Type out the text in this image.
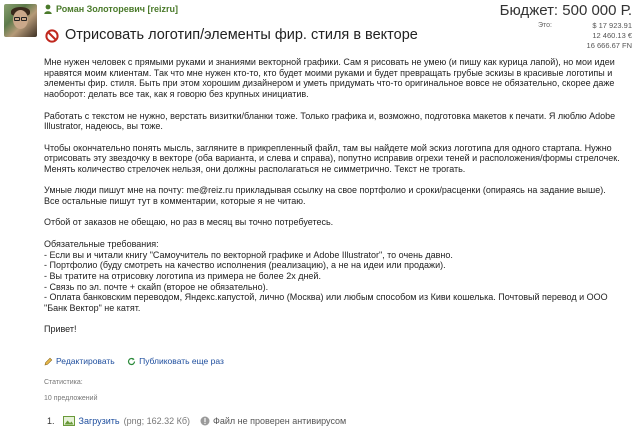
Роман Золоторевич [reizru]	Бюджет: 500 000 Р.
Это:	$ 17 923.91
12 460.13 €
16 666.67 FN
Отрисовать логотип/элементы фир. стиля в векторе

Мне нужен человек с прямыми руками и знаниями векторной графики. Сам я рисовать не умею (и пишу как курица лапой), но мои идеи нравятся моим клиентам. Так что мне нужен кто-то, кто будет моими руками и будет превращать грубые эскизы в красивые логотипы и элементы фир. стиля. Быть при этом хорошим дизайнером и уметь придумать что-то оригинальное вовсе не обязательно, скорее даже наоборот: делать все так, как я говорю без крупных инициатив.

Работать с текстом не нужно, верстать визитки/бланки тоже. Только графика и, возможно, подготовка макетов к печати. Я люблю Adobe Illustrator, надеюсь, вы тоже.

Чтобы окончательно понять мысль, загляните в прикрепленный файл, там вы найдете мой эскиз логотипа для одного стартапа. Нужно отрисовать эту звездочку в векторе (оба варианта, и слева и справа), попутно исправив огрехи теней и расположения/формы стрелочек. Менять количество стрелочек нельзя, они должны располагаться не симметрично. Текст не трогать.

Умные люди пишут мне на почту: me@reiz.ru прикладывая ссылку на свое портфолио и сроки/расценки (опираясь на задание выше). Все остальные пишут тут в комментарии, которые я не читаю.

Отбой от заказов не обещаю, но раз в месяц вы точно потребуетесь.

Обязательные требования:
- Если вы и читали книгу "Самоучитель по векторной графике и Adobe Illustrator", то очень давно.
- Портфолио (буду смотреть на качество исполнения (реализацию), а не на идеи или продажи).
- Вы тратите на отрисовку логотипа из примера не более 2х дней.
- Связь по эл. почте + скайп (второе не обязательно).
- Оплата банковским переводом, Яндекс.капустой, лично (Москва) или любым способом из Киви кошелька. Почтовый перевод и ООО "Банк Вектор" не катят.

Привет!

Редактировать
	Публиковать еще раз
Статистика:
10 предложений
1.	Загрузить (png; 162.32 Кб)	Файл не проверен антивирусом
